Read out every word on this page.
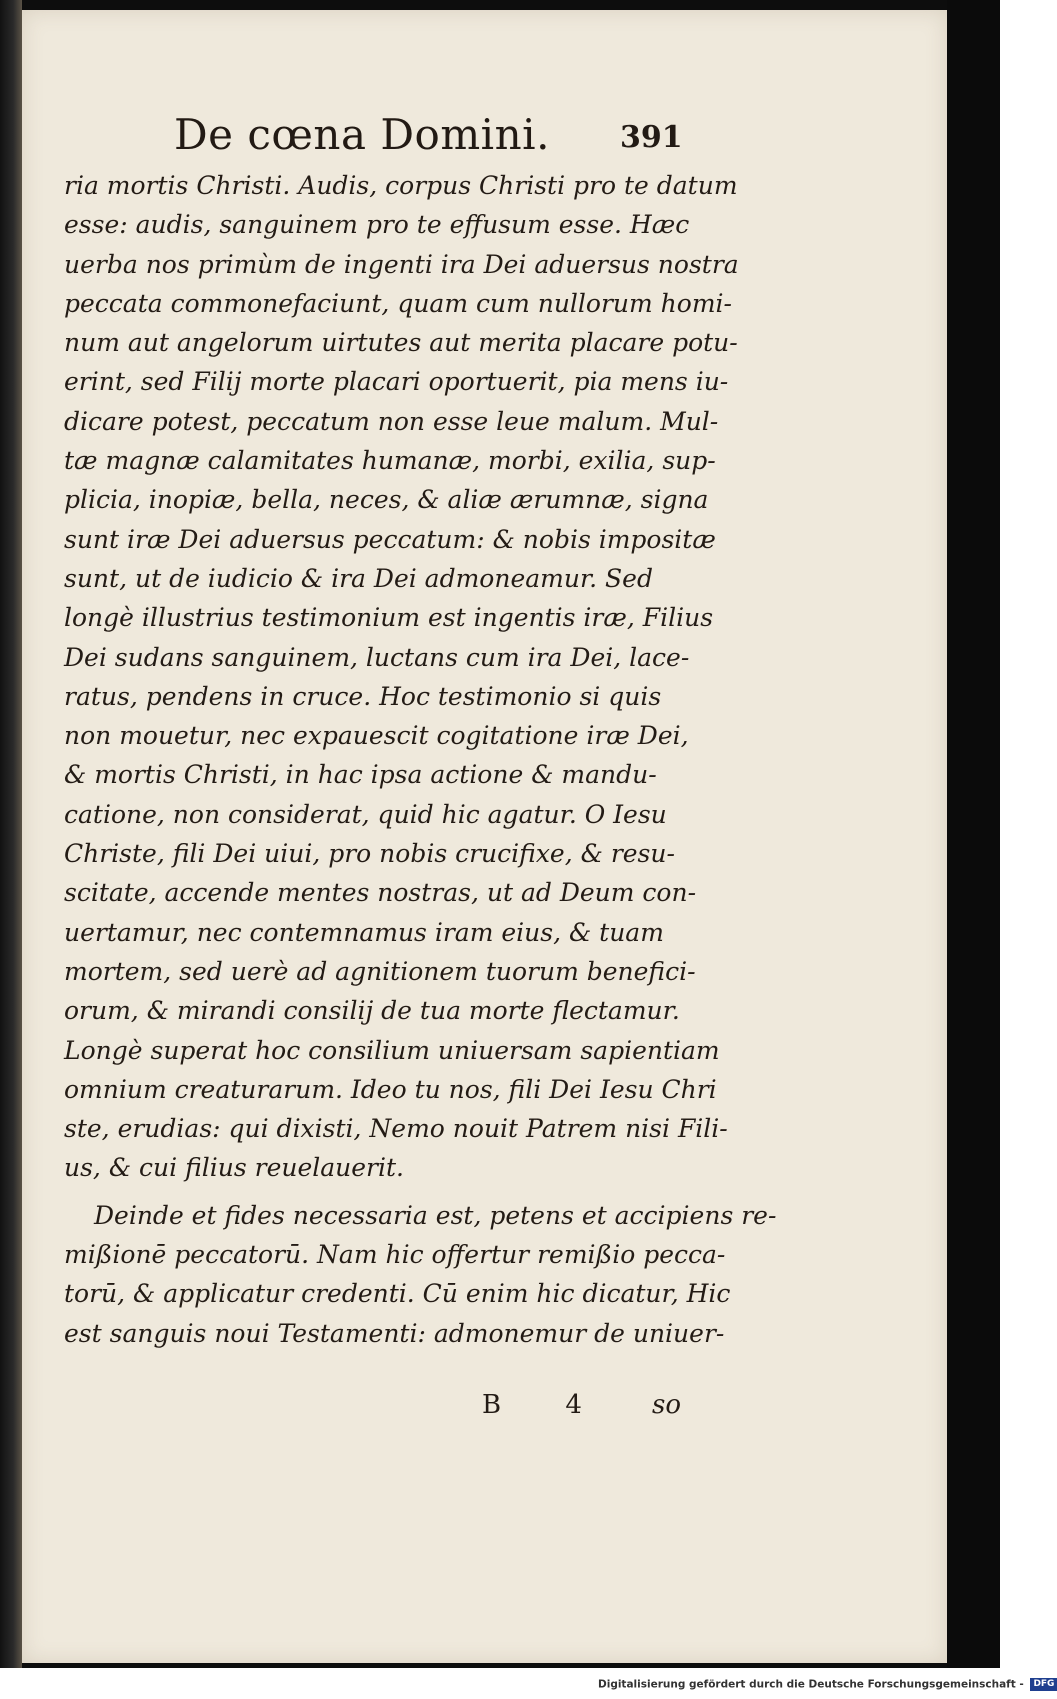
De cœna Domini. 391
ria mortis Christi. Audis, corpus Christi pro te datum
esse: audis, sanguinem pro te effusum esse. Hæc
uerba nos primùm de ingenti ira Dei aduersus nostra
peccata commonefaciunt, quam cum nullorum homi-
num aut angelorum uirtutes aut merita placare potu-
erint, sed Filij morte placari oportuerit, pia mens iu-
dicare potest, peccatum non esse leue malum. Mul-
tæ magnæ calamitates humanæ, morbi, exilia, sup-
plicia, inopiæ, bella, neces, & aliæ ærumnæ, signa
sunt iræ Dei aduersus peccatum: & nobis impositæ
sunt, ut de iudicio & ira Dei admoneamur. Sed
longè illustrius testimonium est ingentis iræ, Filius
Dei sudans sanguinem, luctans cum ira Dei, lace-
ratus, pendens in cruce. Hoc testimonio si quis
non mouetur, nec expauescit cogitatione iræ Dei,
& mortis Christi, in hac ipsa actione & mandu-
catione, non considerat, quid hic agatur. O Iesu
Christe, fili Dei uiui, pro nobis crucifixe, & resu-
scitate, accende mentes nostras, ut ad Deum con-
uertamur, nec contemnamus iram eius, & tuam
mortem, sed uerè ad agnitionem tuorum benefici-
orum, & mirandi consilij de tua morte flectamur.
Longè superat hoc consilium uniuersam sapientiam
omnium creaturarum. Ideo tu nos, fili Dei Iesu Chri
ste, erudias: qui dixisti, Nemo nouit Patrem nisi Fili-
us, & cui filius reuelauerit.
Deinde et fides necessaria est, petens et accipiens re-
mißionē peccatorū. Nam hic offertur remißio pecca-
torū, & applicatur credenti. Cū enim hic dicatur, Hic
est sanguis noui Testamenti: admonemur de uniuer-
B 4 so
Digitalisierung gefördert durch die Deutsche Forschungsgemeinschaft - DFG
